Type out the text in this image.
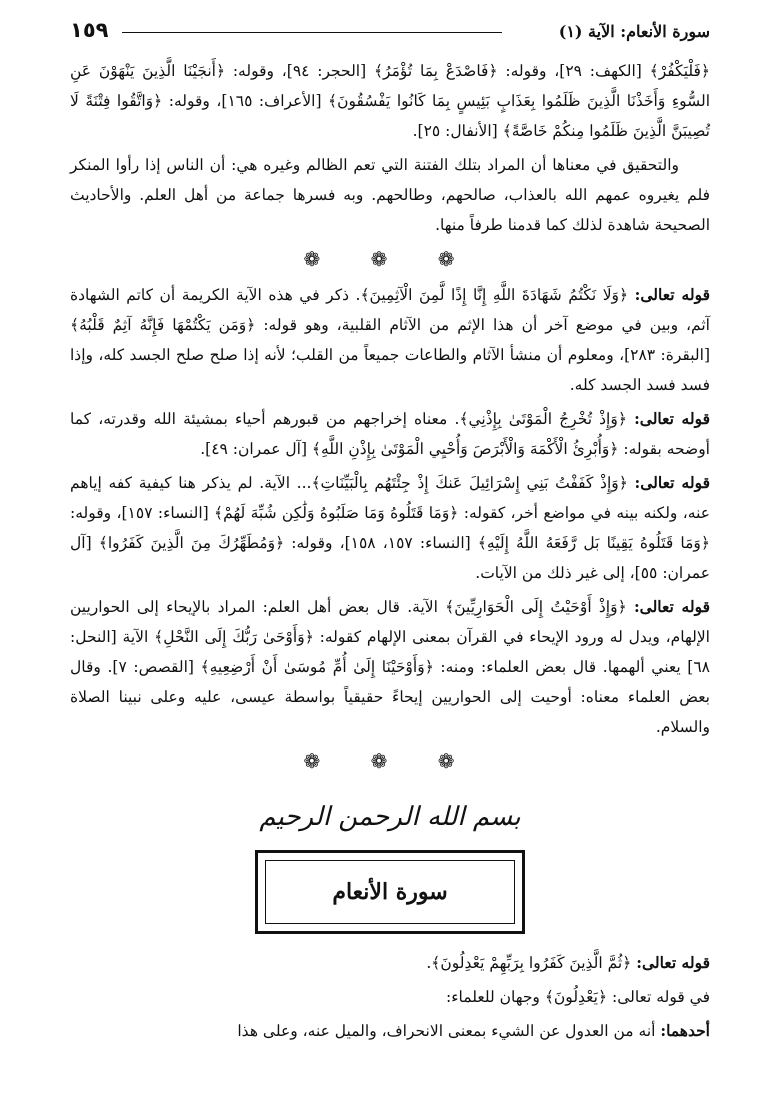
سورة الأنعام: الآية (١)
١٥٩

﴿فَلْيَكْفُرْ﴾ [الكهف: ٢٩]، وقوله: ﴿فَاصْدَعْ بِمَا تُؤْمَرُ﴾ [الحجر: ٩٤]، وقوله: ﴿أَنجَيْنَا الَّذِينَ يَنْهَوْنَ عَنِ السُّوءِ وَأَخَذْنَا الَّذِينَ ظَلَمُوا بِعَذَابٍ بَئِيسٍ بِمَا كَانُوا يَفْسُقُونَ﴾ [الأعراف: ١٦٥]، وقوله: ﴿وَاتَّقُوا فِتْنَةً لَا تُصِيبَنَّ الَّذِينَ ظَلَمُوا مِنكُمْ خَاصَّةً﴾ [الأنفال: ٢٥].

  والتحقيق في معناها أن المراد بتلك الفتنة التي تعم الظالم وغيره هي: أن الناس إذا رأوا المنكر فلم يغيروه عمهم الله بالعذاب، صالحهم، وطالحهم. وبه فسرها جماعة من أهل العلم. والأحاديث الصحيحة شاهدة لذلك كما قدمنا طرفاً منها.

❁ ❁ ❁

قوله تعالى: ﴿وَلَا نَكْتُمُ شَهَادَةَ اللَّهِ إِنَّا إِذًا لَّمِنَ الْآثِمِينَ﴾. ذكر في هذه الآية الكريمة أن كاتم الشهادة آثم، وبين في موضع آخر أن هذا الإثم من الآثام القلبية، وهو قوله: ﴿وَمَن يَكْتُمْهَا فَإِنَّهُ آثِمٌ قَلْبُهُ﴾ [البقرة: ٢٨٣]، ومعلوم أن منشأ الآثام والطاعات جميعاً من القلب؛ لأنه إذا صلح صلح الجسد كله، وإذا فسد فسد الجسد كله.

قوله تعالى: ﴿وَإِذْ تُخْرِجُ الْمَوْتَىٰ بِإِذْنِي﴾. معناه إخراجهم من قبورهم أحياء بمشيئة الله وقدرته، كما أوضحه بقوله: ﴿وَأُبْرِئُ الْأَكْمَهَ وَالْأَبْرَصَ وَأُحْيِي الْمَوْتَىٰ بِإِذْنِ اللَّهِ﴾ [آل عمران: ٤٩].

قوله تعالى: ﴿وَإِذْ كَفَفْتُ بَنِي إِسْرَائِيلَ عَنكَ إِذْ جِئْتَهُم بِالْبَيِّنَاتِ﴾... الآية. لم يذكر هنا كيفية كفه إياهم عنه، ولكنه بينه في مواضع أخر، كقوله: ﴿وَمَا قَتَلُوهُ وَمَا صَلَبُوهُ وَلَٰكِن شُبِّهَ لَهُمْ﴾ [النساء: ١٥٧]، وقوله: ﴿وَمَا قَتَلُوهُ يَقِينًا بَل رَّفَعَهُ اللَّهُ إِلَيْهِ﴾ [النساء: ١٥٧، ١٥٨]، وقوله: ﴿وَمُطَهِّرُكَ مِنَ الَّذِينَ كَفَرُوا﴾ [آل عمران: ٥٥]، إلى غير ذلك من الآيات.

قوله تعالى: ﴿وَإِذْ أَوْحَيْتُ إِلَى الْحَوَارِيِّينَ﴾ الآية. قال بعض أهل العلم: المراد بالإيحاء إلى الحواريين الإلهام، ويدل له ورود الإيحاء في القرآن بمعنى الإلهام كقوله: ﴿وَأَوْحَىٰ رَبُّكَ إِلَى النَّحْلِ﴾ الآية [النحل: ٦٨] يعني ألهمها. قال بعض العلماء: ومنه: ﴿وَأَوْحَيْنَا إِلَىٰ أُمِّ مُوسَىٰ أَنْ أَرْضِعِيهِ﴾ [القصص: ٧]. وقال بعض العلماء معناه: أوحيت إلى الحواريين إيحاءً حقيقياً بواسطة عيسى، عليه وعلى نبينا الصلاة والسلام.

❁ ❁ ❁
بسم الله الرحمن الرحيم
سورة الأنعام

قوله تعالى: ﴿ثُمَّ الَّذِينَ كَفَرُوا بِرَبِّهِمْ يَعْدِلُونَ﴾.

في قوله تعالى: ﴿يَعْدِلُونَ﴾ وجهان للعلماء:

أحدهما: أنه من العدول عن الشيء بمعنى الانحراف، والميل عنه، وعلى هذا
